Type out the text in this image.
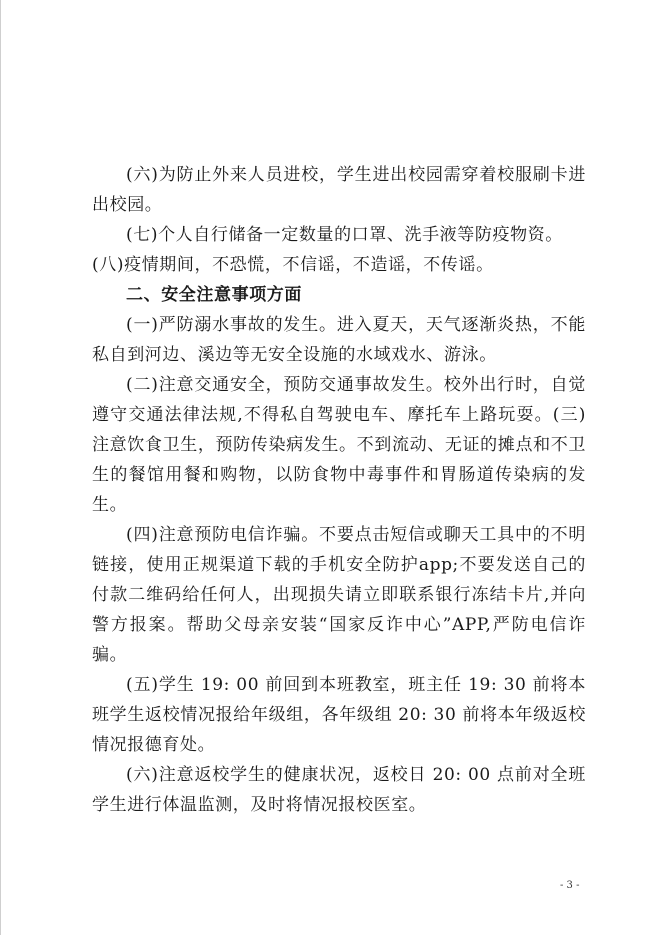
(六)为防止外来人员进校，学生进出校园需穿着校服刷卡进出校园。

(七)个人自行储备一定数量的口罩、洗手液等防疫物资。

(八)疫情期间，不恐慌，不信谣，不造谣，不传谣。

二、安全注意事项方面

(一)严防溺水事故的发生。进入夏天，天气逐渐炎热，不能私自到河边、溪边等无安全设施的水域戏水、游泳。

(二)注意交通安全，预防交通事故发生。校外出行时，自觉遵守交通法律法规,不得私自驾驶电车、摩托车上路玩耍。(三)注意饮食卫生，预防传染病发生。不到流动、无证的摊点和不卫生的餐馆用餐和购物，以防食物中毒事件和胃肠道传染病的发生。

(四)注意预防电信诈骗。不要点击短信或聊天工具中的不明链接，使用正规渠道下载的手机安全防护app;不要发送自己的付款二维码给任何人，出现损失请立即联系银行冻结卡片,并向警方报案。帮助父母亲安装“国家反诈中心”APP,严防电信诈骗。

(五)学生 19: 00 前回到本班教室，班主任 19: 30 前将本班学生返校情况报给年级组，各年级组 20: 30 前将本年级返校情况报德育处。

(六)注意返校学生的健康状况，返校日 20: 00 点前对全班学生进行体温监测，及时将情况报校医室。

- 3 -
